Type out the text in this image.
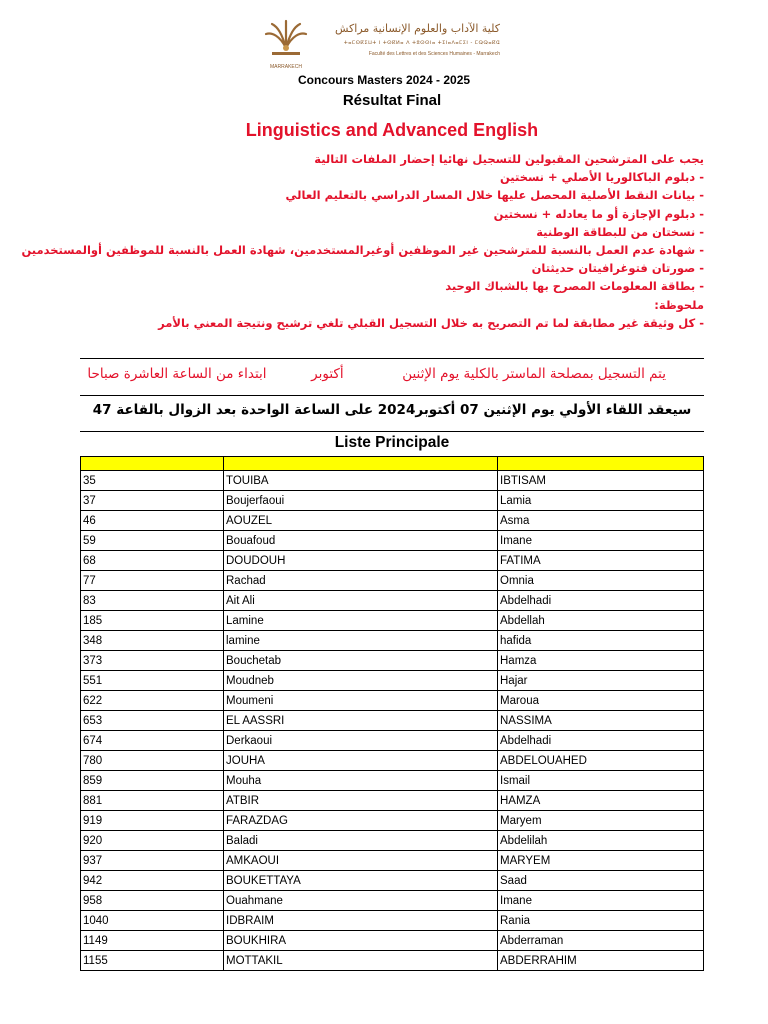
MARRAKECH
كلية الآداب والعلوم الإنسانية مراكش
ⵜⴰⵎⵙⴽⵉⵡⵜ ⵏ ⵜⵙⴽⵍⴰ ⴷ ⵜⵓⵙⵙⵏⴰ ⵜⵉⵏⴰⴷⴰⵎⵉⵏ - ⵎⵕⵕⴰⴽⵛ
Faculté des Lettres et des Sciences Humaines - Marrakech
Concours Masters 2024 - 2025
Résultat Final
Linguistics and Advanced English
يجب على المترشحين المقبولين للتسجيل نهائيا إحضار الملفات التالية
- دبلوم الباكالوريا الأصلي + نسختين
- بيانات النقط الأصلية المحصل عليها خلال المسار الدراسي بالتعليم العالي
- دبلوم الإجازة أو ما يعادله + نسختين
- نسختان من للبطاقة الوطنية
- شهادة عدم العمل بالنسبة للمترشحين غير الموظفين أوغيرالمستخدمين، شهادة العمل بالنسبة للموظفين أوالمستخدمين
- صورتان فتوغرافيتان حديثتان
- بطاقة المعلومات المصرح بها بالشباك الوحيد
ملحوظة:
- كل وثيقة غير مطابقة لما تم التصريح به خلال التسجيل القبلي تلغي ترشيح ونتيجة المعني بالأمر
يتم التسجيل بمصلحة الماستر بالكلية يوم الإثنين  أكتوبر  ابتداء من الساعة العاشرة صباحا
سيعقد اللقاء الأولي يوم الإثنين 07 أكتوبر2024 على الساعة الواحدة بعد الزوال بالقاعة 47
Liste Principale

35	TOUIBA	IBTISAM
37	Boujerfaoui	Lamia
46	AOUZEL	Asma
59	Bouafoud	Imane
68	DOUDOUH	FATIMA
77	Rachad	Omnia
83	Ait Ali	Abdelhadi
185	Lamine	Abdellah
348	lamine	hafida
373	Bouchetab	Hamza
551	Moudneb	Hajar
622	Moumeni	Maroua
653	EL AASSRI	NASSIMA
674	Derkaoui	Abdelhadi
780	JOUHA	ABDELOUAHED
859	Mouha	Ismail
881	ATBIR	HAMZA
919	FARAZDAG	Maryem
920	Baladi	Abdelilah
937	AMKAOUI	MARYEM
942	BOUKETTAYA	Saad
958	Ouahmane	Imane
1040	IDBRAIM	Rania
1149	BOUKHIRA	Abderraman
1155	MOTTAKIL	ABDERRAHIM
